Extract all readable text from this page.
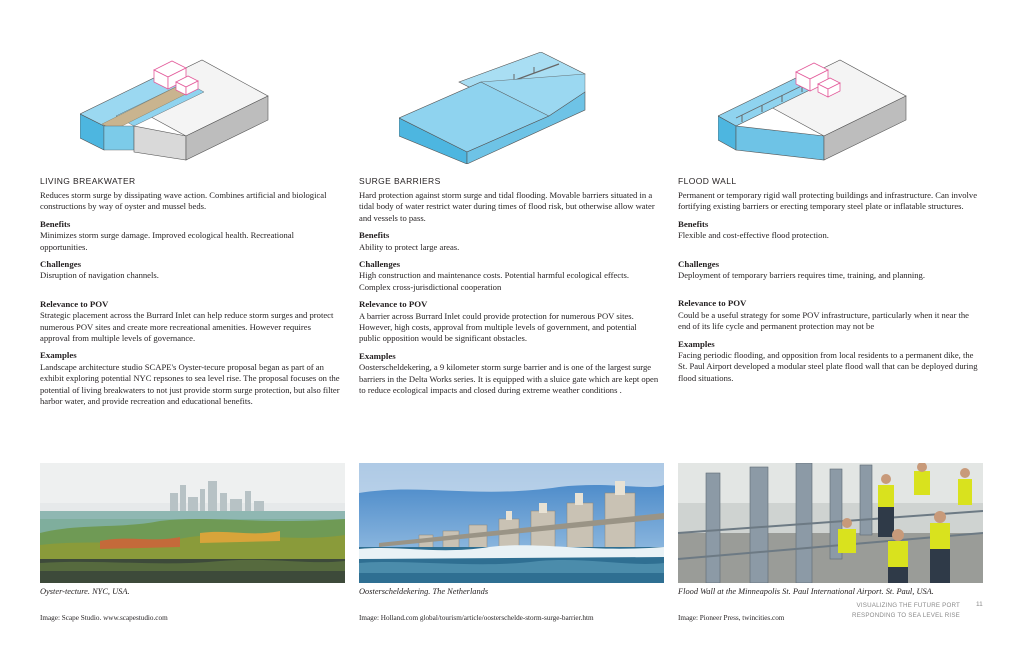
LIVING BREAKWATER

Reduces storm surge by dissipating wave action. Combines artificial and biological constructions by way of oyster and mussel beds.

Benefits

Minimizes storm surge damage. Improved ecological health. Recreational opportunities.

Challenges

Disruption of navigation channels.

Relevance to POV

Strategic placement across the Burrard Inlet can help reduce storm surges and protect numerous POV sites and create more recreational amenities. However requires approval from multiple levels of governance.

Examples

Landscape architecture studio SCAPE's Oyster-tecure proposal began as part of an exhibit exploring potential NYC repsones to sea level rise. The proposal focuses on the potential of living breakwaters to not just provide storm surge protection, but also filter harbor water, and provide recreation and educational benefits.

Oyster-tecture. NYC, USA.
Image: Scape Studio. www.scapestudio.com
SURGE BARRIERS

Hard protection against storm surge and tidal flooding. Movable barriers situated in a tidal body of water restrict water during times of flood risk, but otherwise allow water and vessels to pass.

Benefits

Ability to protect large areas.

Challenges

High construction and maintenance costs. Potential harmful ecological effects. Complex cross-jurisdictional cooperation

Relevance to POV

A barrier across Burrard Inlet could provide protection for numerous POV sites. However, high costs, approval from multiple levels of government, and potential public opposition would be significant obstacles.

Examples

Oosterscheldekering, a 9 kilometer storm surge barrier and is one of the largest surge barriers in the Delta Works series. It is equipped with a sluice gate which are kept open to reduce ecological impacts and closed during extreme weather conditions .

Oosterscheldekering. The Netherlands
Image: Holland.com global/tourism/article/oosterschelde-storm-surge-barrier.htm
FLOOD WALL

Permanent or temporary rigid wall protecting buildings and infrastructure. Can involve fortifying existing barriers or erecting temporary steel plate or inflatable structures.

Benefits

Flexible and cost-effective flood protection.

Challenges

Deployment of temporary barriers requires time, training, and planning.

Relevance to POV

Could be a useful strategy for some POV infrastructure, particularly when it near the end of its life cycle and permanent protection may not be

Examples

Facing periodic flooding, and opposition from local residents to a permanent dike, the St. Paul Airport developed a modular steel plate flood wall that can be deployed during flood situations.

Flood Wall at the Minneapolis St. Paul International Airport. St. Paul, USA.
Image: Pioneer Press, twincities.com
VISUALIZING THE FUTURE PORT
RESPONDING TO SEA LEVEL RISE
11
